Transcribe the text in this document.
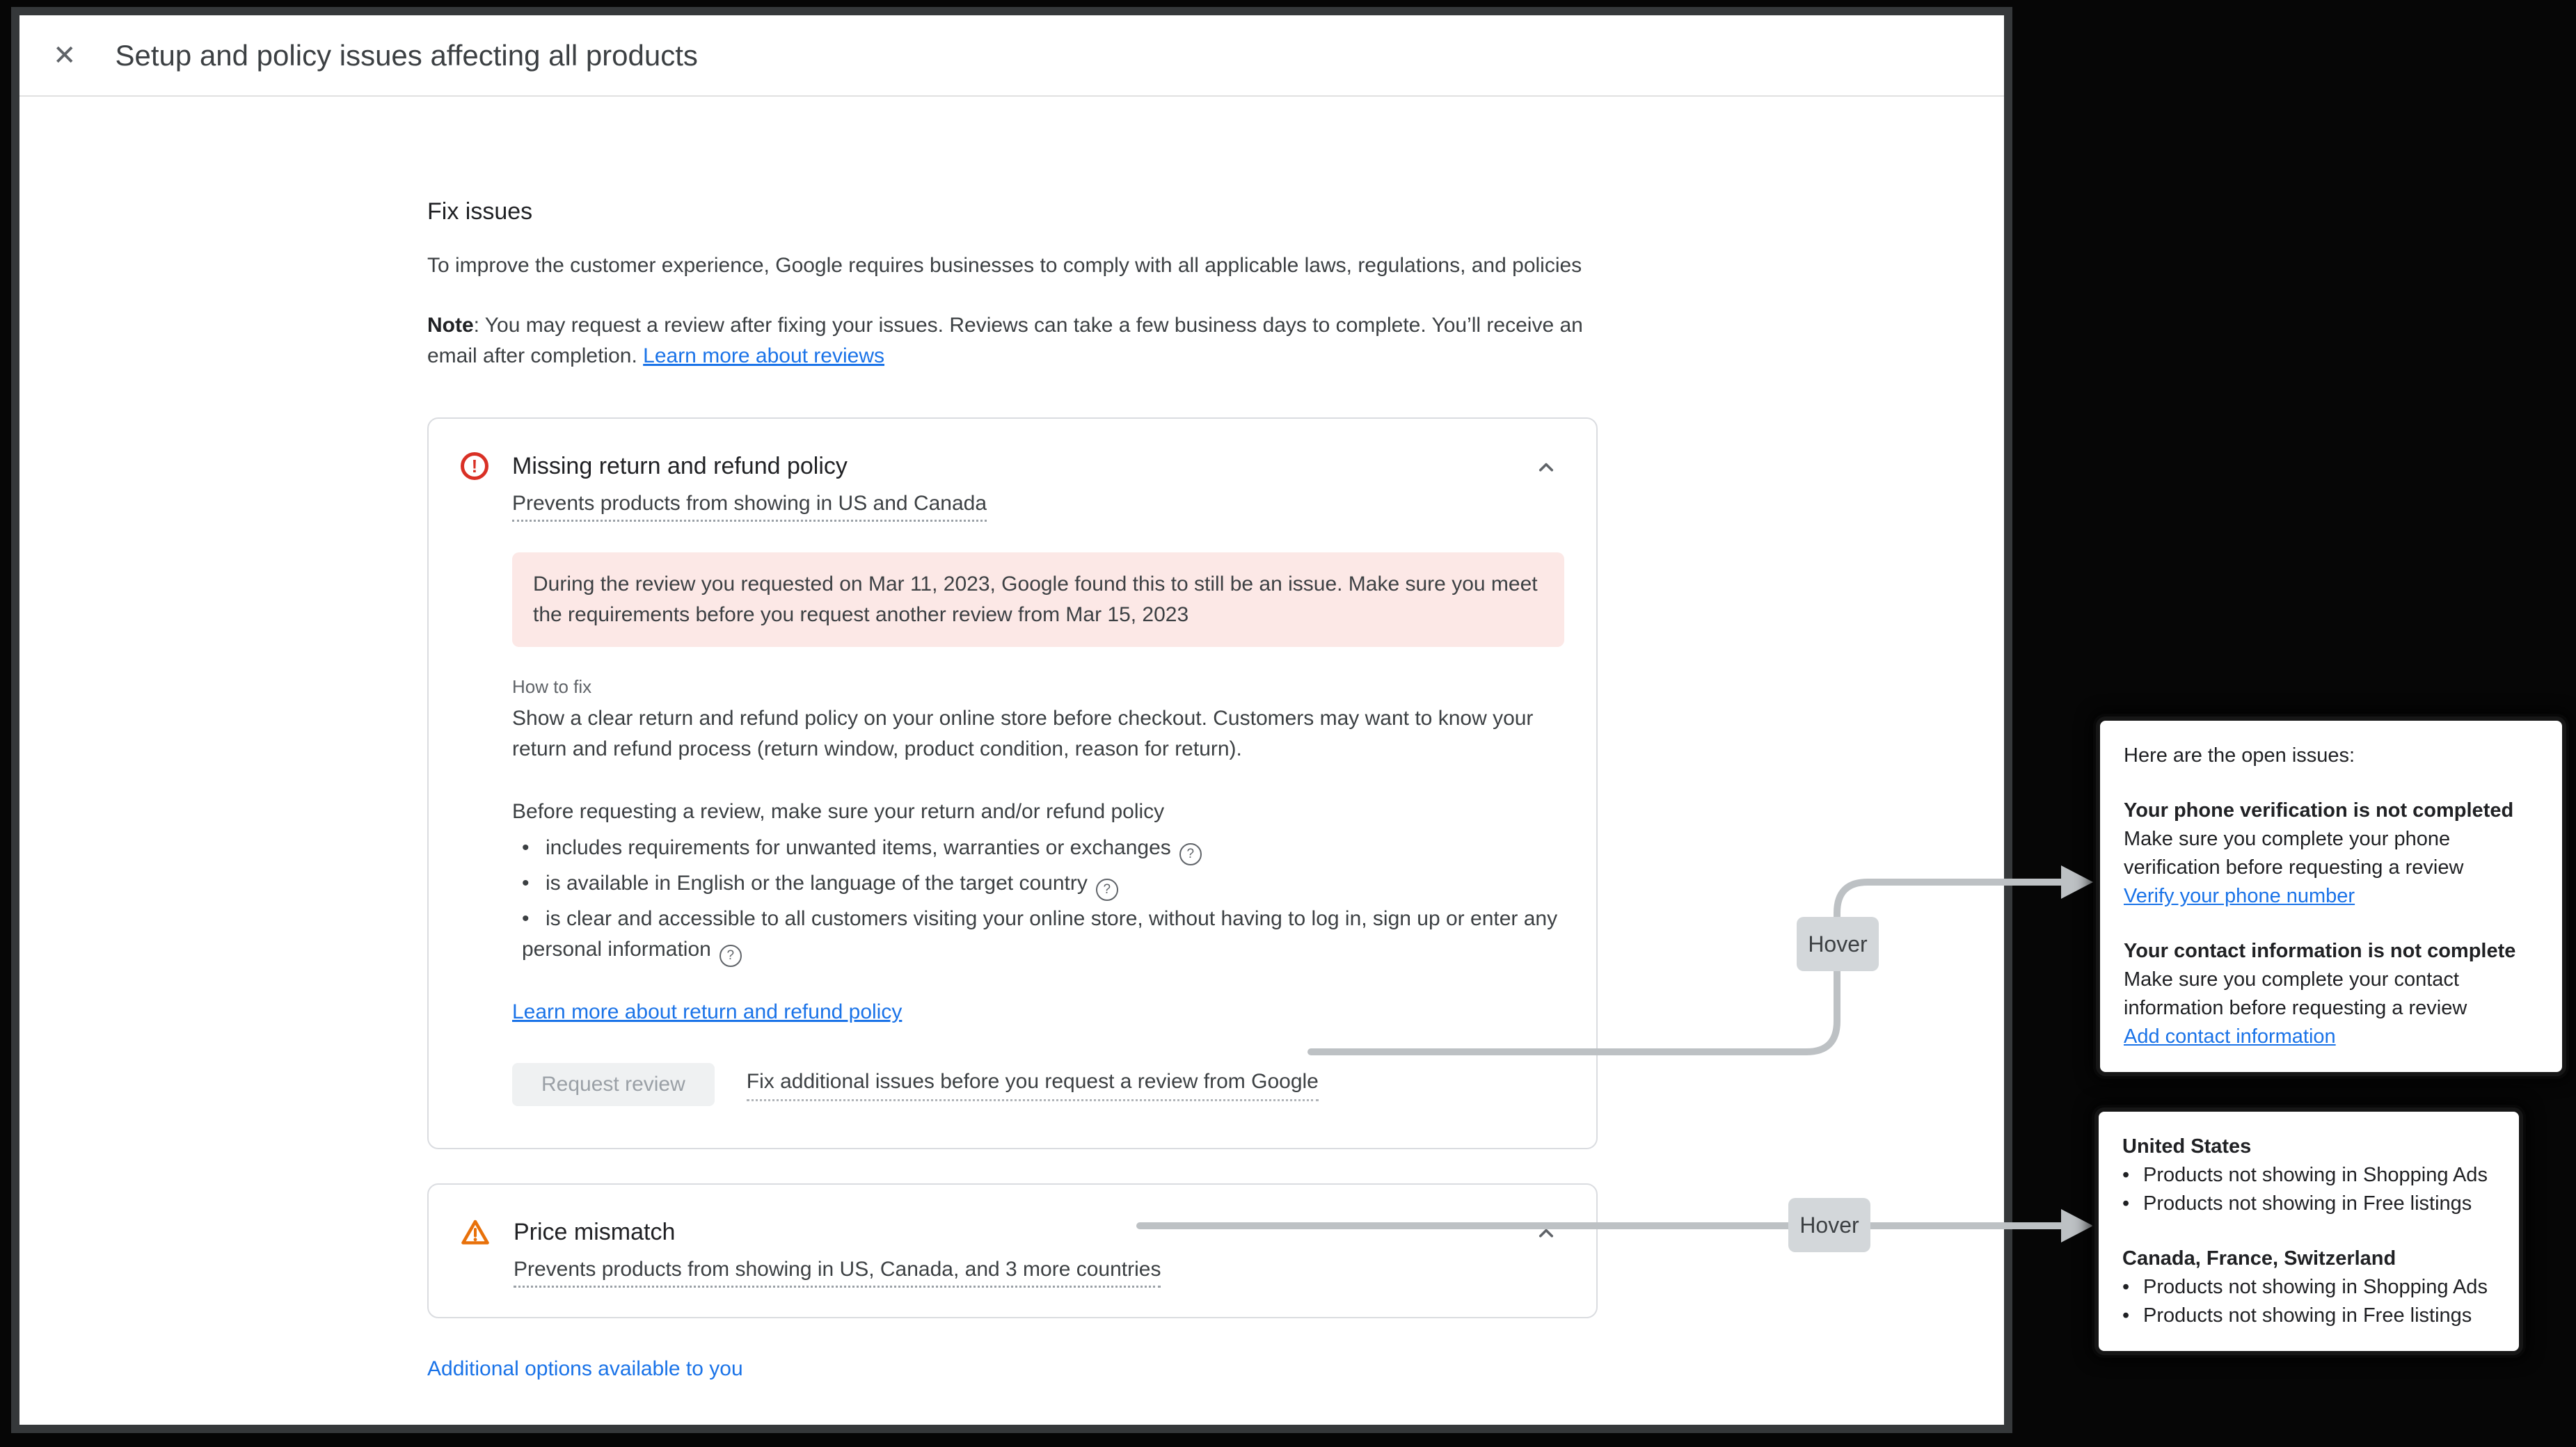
✕ Setup and policy issues affecting all products
Fix issues

To improve the customer experience, Google requires businesses to comply with all applicable laws, regulations, and policies

Note: You may request a review after fixing your issues. Reviews can take a few business days to complete. You’ll receive an email after completion. Learn more about reviews

! Missing return and refund policy
Prevents products from showing in US and Canada
During the review you requested on Mar 11, 2023, Google found this to still be an issue. Make sure you meet the requirements before you request another review from Mar 15, 2023
How to fix
Show a clear return and refund policy on your online store before checkout. Customers may want to know your return and refund process (return window, product condition, reason for return).
Before requesting a review, make sure your return and/or refund policy
• includes requirements for unwanted items, warranties or exchanges ?
• is available in English or the language of the target country ?
• is clear and accessible to all customers visiting your online store, without having to log in, sign up or enter any personal information ?
Learn more about return and refund policy
Request review	Fix additional issues before you request a review from Google
Price mismatch
Prevents products from showing in US, Canada, and 3 more countries
Additional options available to you
Hover
Hover
Here are the open issues:
Your phone verification is not completed
Make sure you complete your phone verification before requesting a review
Verify your phone number
Your contact information is not complete
Make sure you complete your contact information before requesting a review
Add contact information
United States
• Products not showing in Shopping Ads
• Products not showing in Free listings
Canada, France, Switzerland
• Products not showing in Shopping Ads
• Products not showing in Free listings
